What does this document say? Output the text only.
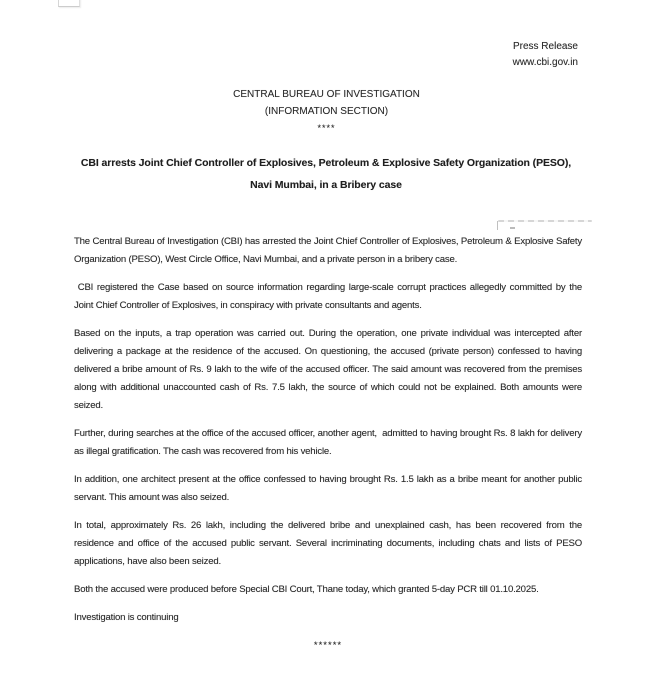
Press Release
www.cbi.gov.in
CENTRAL BUREAU OF INVESTIGATION
(INFORMATION SECTION)
****
CBI arrests Joint Chief Controller of Explosives, Petroleum & Explosive Safety Organization (PESO),
Navi Mumbai, in a Bribery case

The Central Bureau of Investigation (CBI) has arrested the Joint Chief Controller of Explosives, Petroleum & Explosive Safety Organization (PESO), West Circle Office, Navi Mumbai, and a private person in a bribery case.

CBI registered the Case based on source information regarding large-scale corrupt practices allegedly committed by the Joint Chief Controller of Explosives, in conspiracy with private consultants and agents.

Based on the inputs, a trap operation was carried out. During the operation, one private individual was intercepted after delivering a package at the residence of the accused. On questioning, the accused (private person) confessed to having delivered a bribe amount of Rs. 9 lakh to the wife of the accused officer. The said amount was recovered from the premises along with additional unaccounted cash of Rs. 7.5 lakh, the source of which could not be explained. Both amounts were seized.

Further, during searches at the office of the accused officer, another agent,  admitted to having brought Rs. 8 lakh for delivery as illegal gratification. The cash was recovered from his vehicle.

In addition, one architect present at the office confessed to having brought Rs. 1.5 lakh as a bribe meant for another public servant. This amount was also seized.

In total, approximately Rs. 26 lakh, including the delivered bribe and unexplained cash, has been recovered from the residence and office of the accused public servant. Several incriminating documents, including chats and lists of PESO applications, have also been seized.

Both the accused were produced before Special CBI Court, Thane today, which granted 5-day PCR till 01.10.2025.

Investigation is continuing

******
